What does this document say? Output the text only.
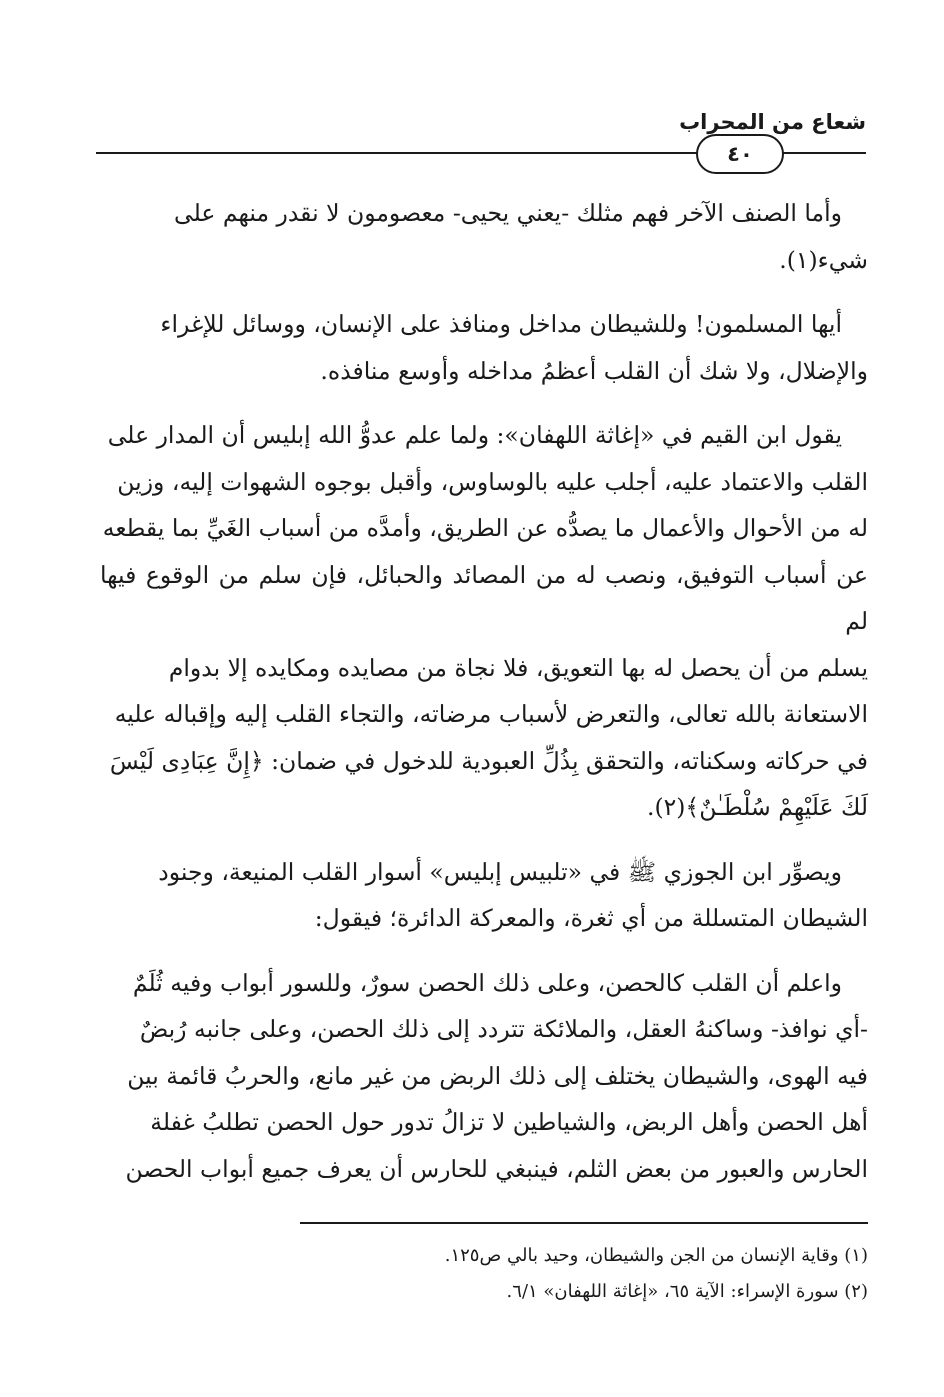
شعاع من المحراب
٤٠

وأما الصنف الآخر فهم مثلك -يعني يحيى- معصومون لا نقدر منهم على
شيء(١).

أيها المسلمون! وللشيطان مداخل ومنافذ على الإنسان، ووسائل للإغراء
والإضلال، ولا شك أن القلب أعظمُ مداخله وأوسع منافذه.

يقول ابن القيم في «إغاثة اللهفان»: ولما علم عدوُّ الله إبليس أن المدار على
القلب والاعتماد عليه، أجلب عليه بالوساوس، وأقبل بوجوه الشهوات إليه، وزين
له من الأحوال والأعمال ما يصدُّه عن الطريق، وأمدَّه من أسباب الغَيِّ بما يقطعه
عن أسباب التوفيق، ونصب له من المصائد والحبائل، فإن سلم من الوقوع فيها لم
يسلم من أن يحصل له بها التعويق، فلا نجاة من مصايده ومكايده إلا بدوام
الاستعانة بالله تعالى، والتعرض لأسباب مرضاته، والتجاء القلب إليه وإقباله عليه
في حركاته وسكناته، والتحقق بِذُلِّ العبودية للدخول في ضمان: ﴿إِنَّ عِبَادِى لَيْسَ
لَكَ عَلَيْهِمْ سُلْطَـٰنٌ﴾(٢).

ويصوِّر ابن الجوزي ﷺ في «تلبيس إبليس» أسوار القلب المنيعة، وجنود
الشيطان المتسللة من أي ثغرة، والمعركة الدائرة؛ فيقول:

واعلم أن القلب كالحصن، وعلى ذلك الحصن سورٌ، وللسور أبواب وفيه ثُلَمٌ
-أي نوافذ- وساكنهُ العقل، والملائكة تتردد إلى ذلك الحصن، وعلى جانبه رُبضٌ
فيه الهوى، والشيطان يختلف إلى ذلك الربض من غير مانع، والحربُ قائمة بين
أهل الحصن وأهل الربض، والشياطين لا تزالُ تدور حول الحصن تطلبُ غفلة
الحارس والعبور من بعض الثلم، فينبغي للحارس أن يعرف جميع أبواب الحصن

(١) وقاية الإنسان من الجن والشيطان، وحيد بالي ص١٢٥.

(٢) سورة الإسراء: الآية ٦٥، «إغاثة اللهفان» ٦/١.
